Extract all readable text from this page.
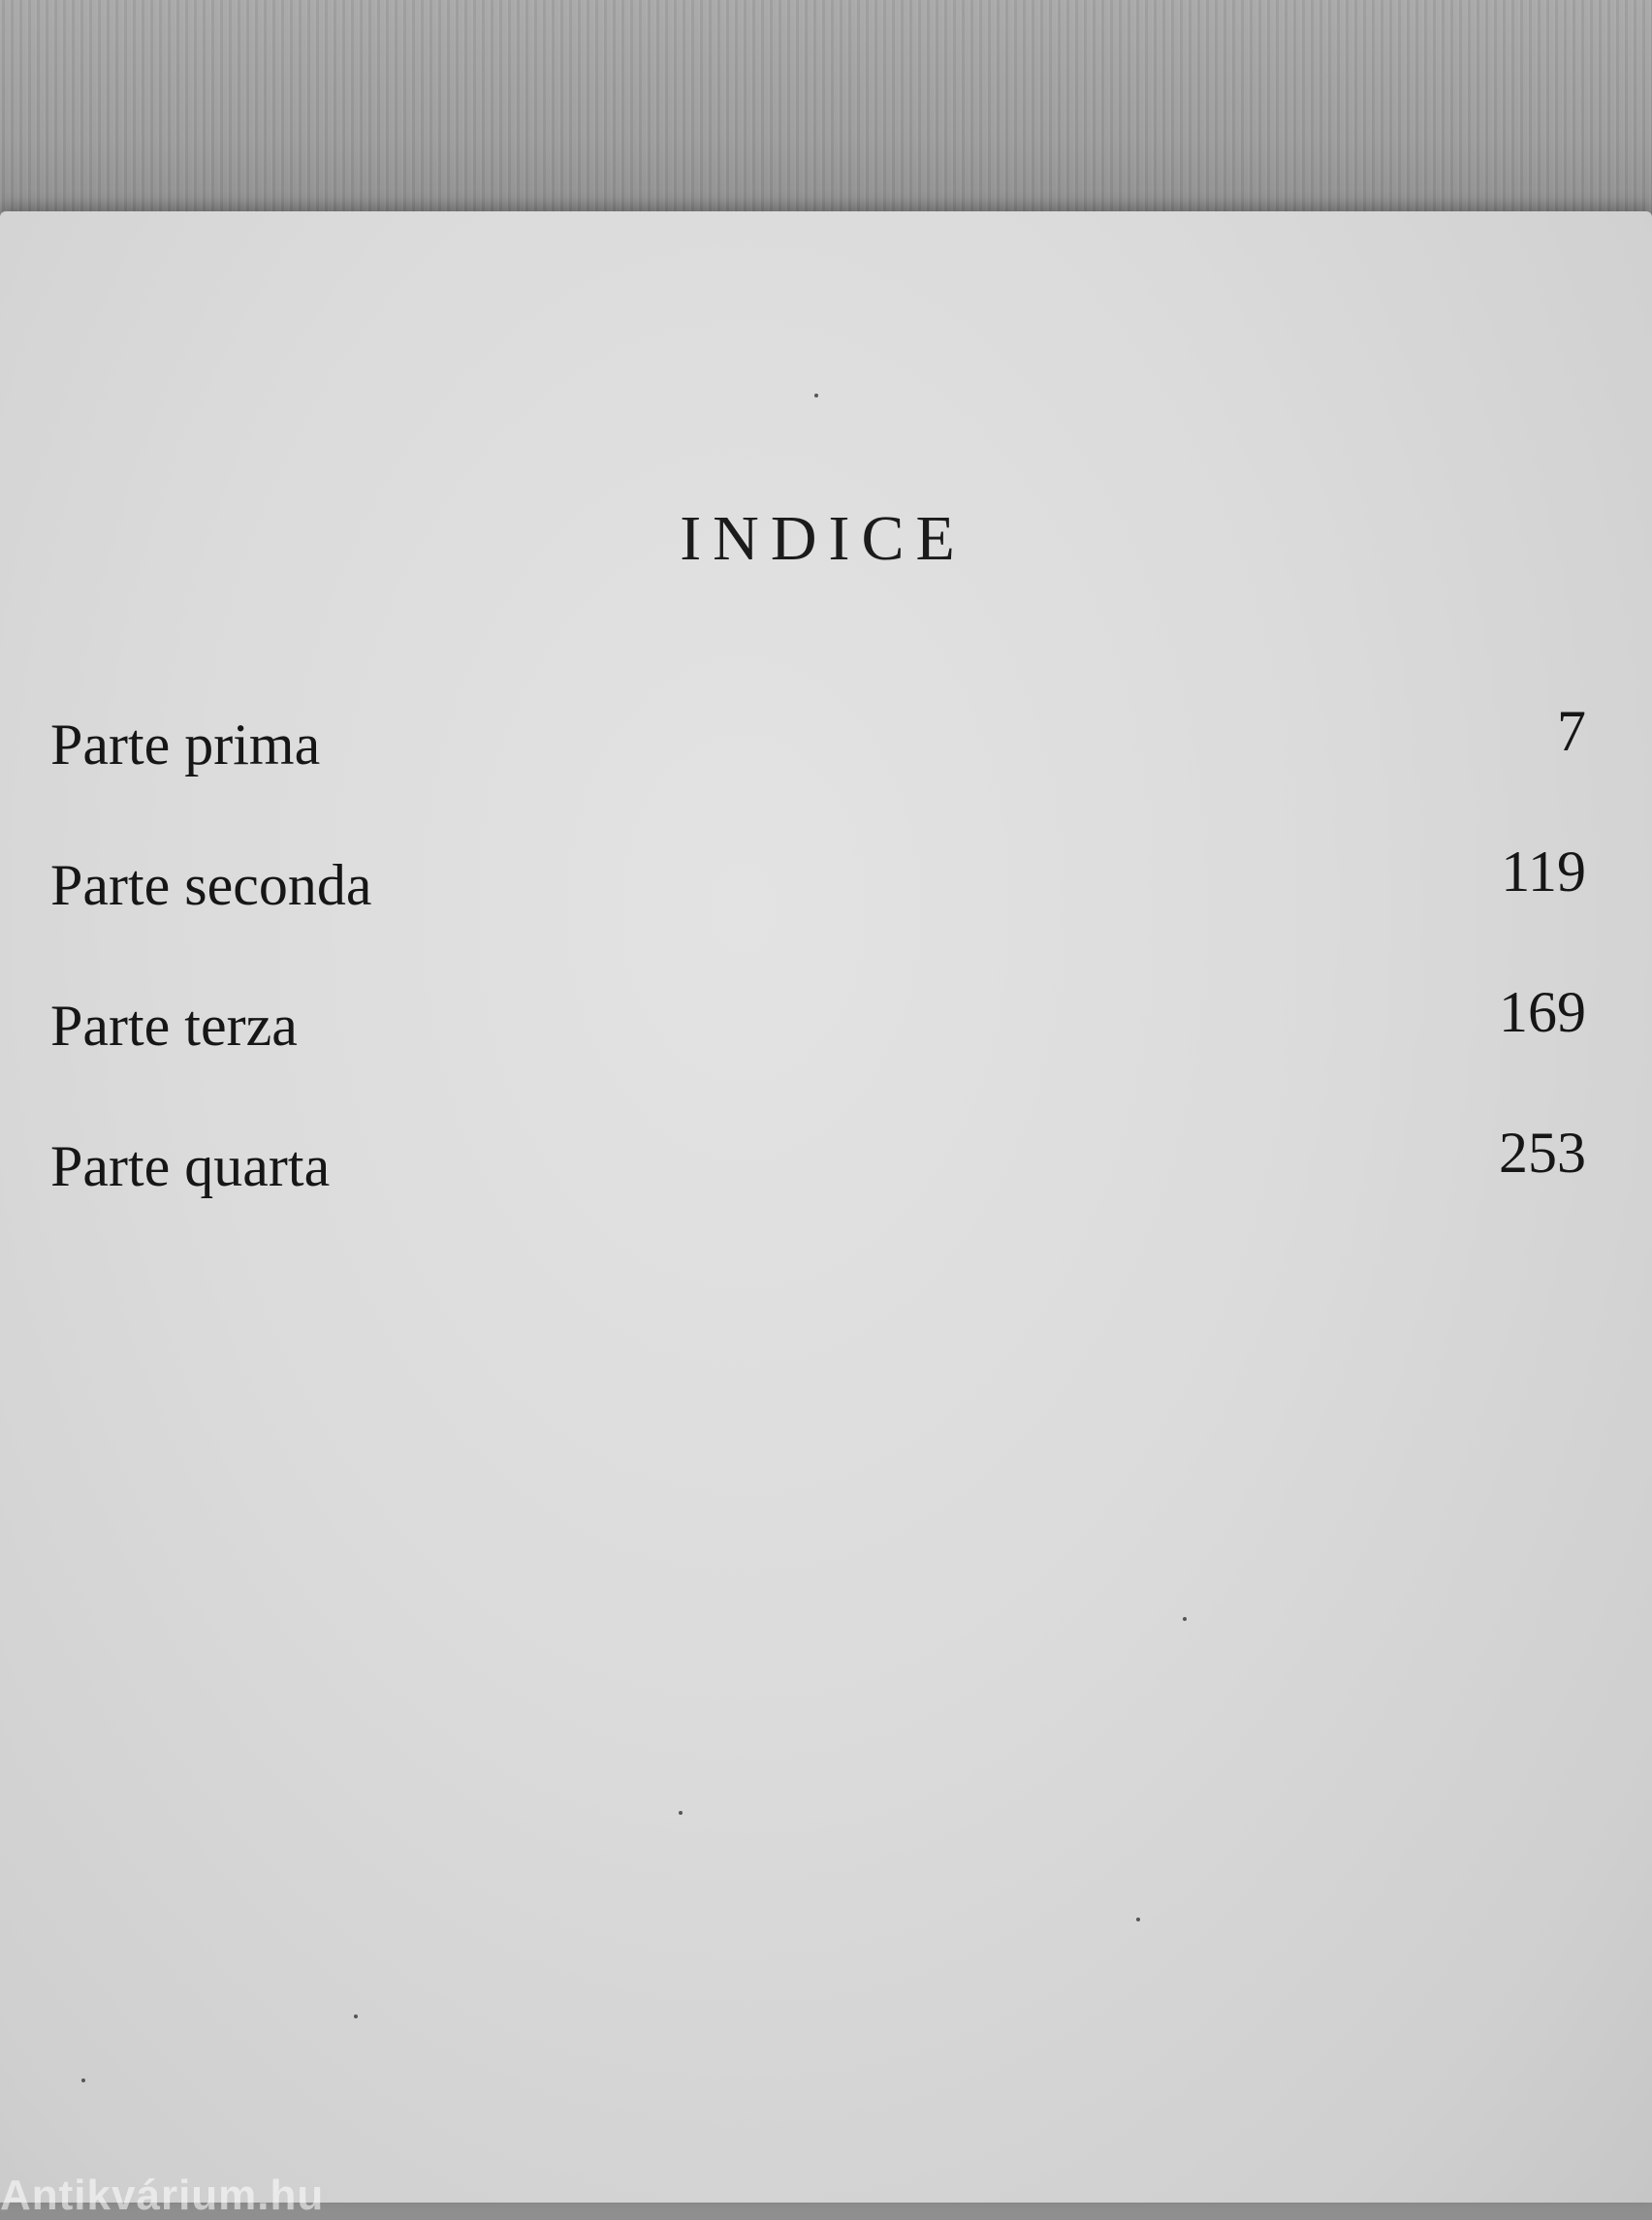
INDICE
Parte prima	7
Parte seconda	119
Parte terza	169
Parte quarta	253
Antikvárium.hu
